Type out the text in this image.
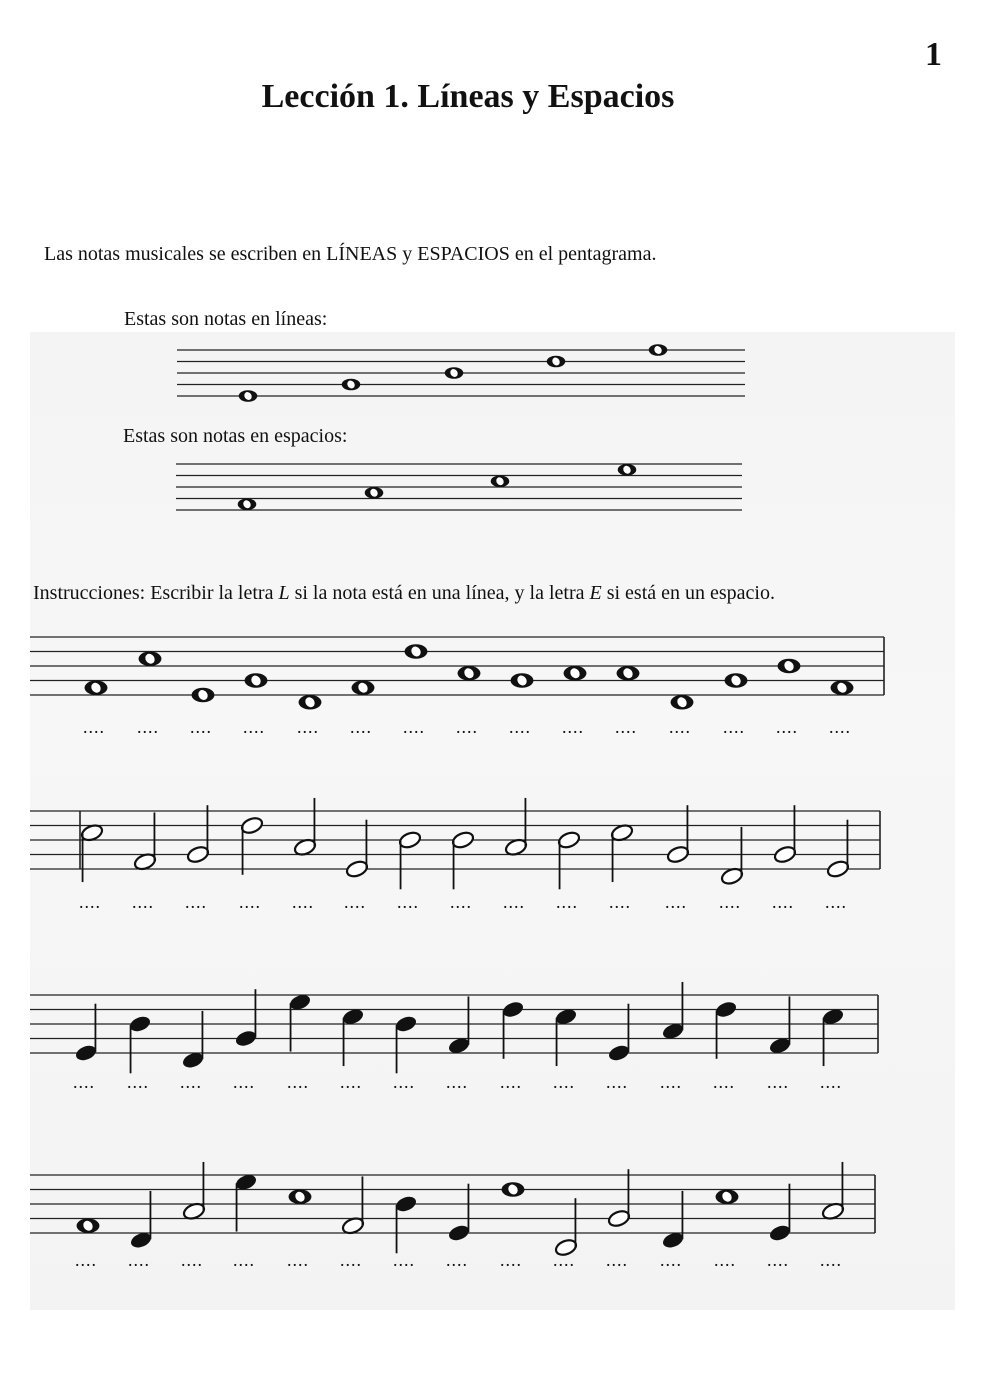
1
Lección 1. Líneas y Espacios
Las notas musicales se escriben en LÍNEAS y ESPACIOS en el pentagrama.
Estas son notas en líneas:
Estas son notas en espacios:
Instrucciones: Escribir la letra L si la nota está en una línea, y la letra E si está en un espacio.
.... .... .... .... .... .... .... .... .... .... .... .... .... .... ....
.... .... .... .... .... .... .... .... .... .... .... .... .... .... ....
.... .... .... .... .... .... .... .... .... .... .... .... .... .... ....
.... .... .... .... .... .... .... .... .... .... .... .... .... .... ....
